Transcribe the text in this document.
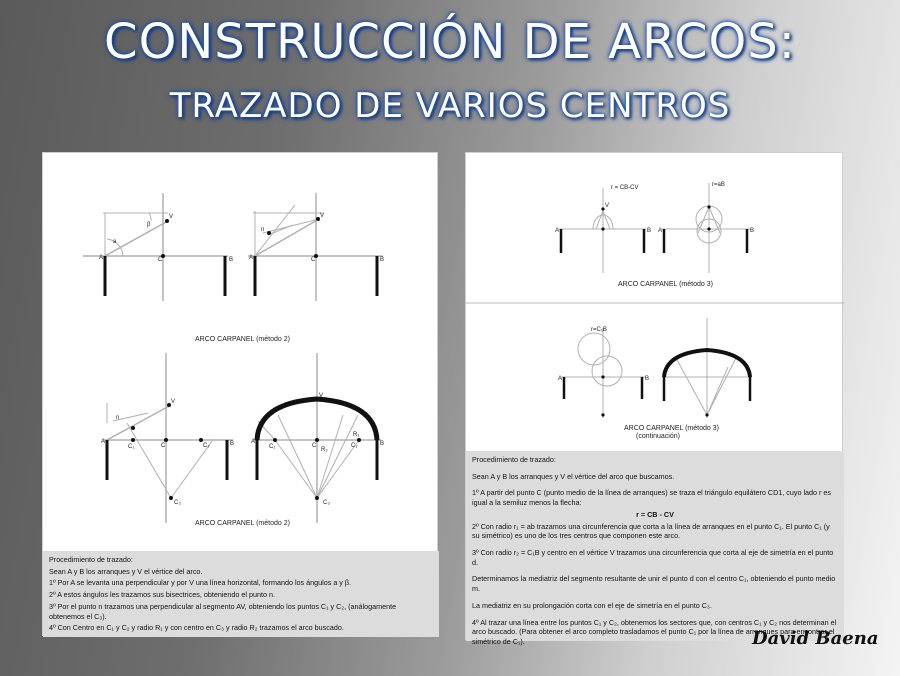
CONSTRUCCIÓN DE ARCOS:
TRAZADO DE VARIOS CENTROS
A	C	B
V
a
β
A	C	B
V
n
A
C	B
V
C₁	C₂
C₃
n
A
C	B
V
C₁	C₂
C₃
R₂
R₁
ARCO CARPANEL (método 2)
ARCO CARPANEL (método 2)

Procedimiento de trazado:

Sean A y B los arranques y V el vértice del arco.

1º Por A se levanta una perpendicular y por V una línea horizontal, formando los ángulos a y β.

2º A estos ángulos les trazamos sus bisectrices, obteniendo el punto n.

3º Por el punto n trazamos una perpendicular al segmento AV, obteniendo los puntos C₁ y C₂, (análogamente obtenemos el C₃).

4º Con Centro en C₁ y C₂ y radio R₁ y con centro en C₃ y radio R₂ trazamos el arco buscado.

r = CB-CV
A	B
V
r=aB
A	B
r=C₁B
A	B
ARCO CARPANEL (método 3)
ARCO CARPANEL (método 3)
(continuación)

Procedimiento de trazado:

Sean A y B los arranques y V el vértice del arco que buscamos.

1º A partir del punto C (punto medio de la línea de arranques) se traza el triángulo equilátero CD1, cuyo lado r es igual a la semiluz menos la flecha:

r = CB - CV

2º Con radio r₁ = ab trazamos una circunferencia que corta a la línea de arranques en el punto C₁. El punto C₁ (y su simétrico) es uno de los tres centros que componen este arco.

3º Con radio r₂ = C₁B y centro en el vértice V trazamos una circunferencia que corta al eje de simetría en el punto d.

Determinamos la mediatriz del segmento resultante de unir el punto d con el centro C₁, obteniendo el punto medio m.

La mediatriz en su prolongación corta con el eje de simetría en el punto C₃.

4º Al trazar una línea entre los puntos C₁ y C₂, obtenemos los sectores que, con centros C₁ y C₂ nos determinan el arco buscado. (Para obtener el arco completo trasladamos el punto C₁ por la línea de arranques para encontrar el simétrico de C₁).	David Baena
